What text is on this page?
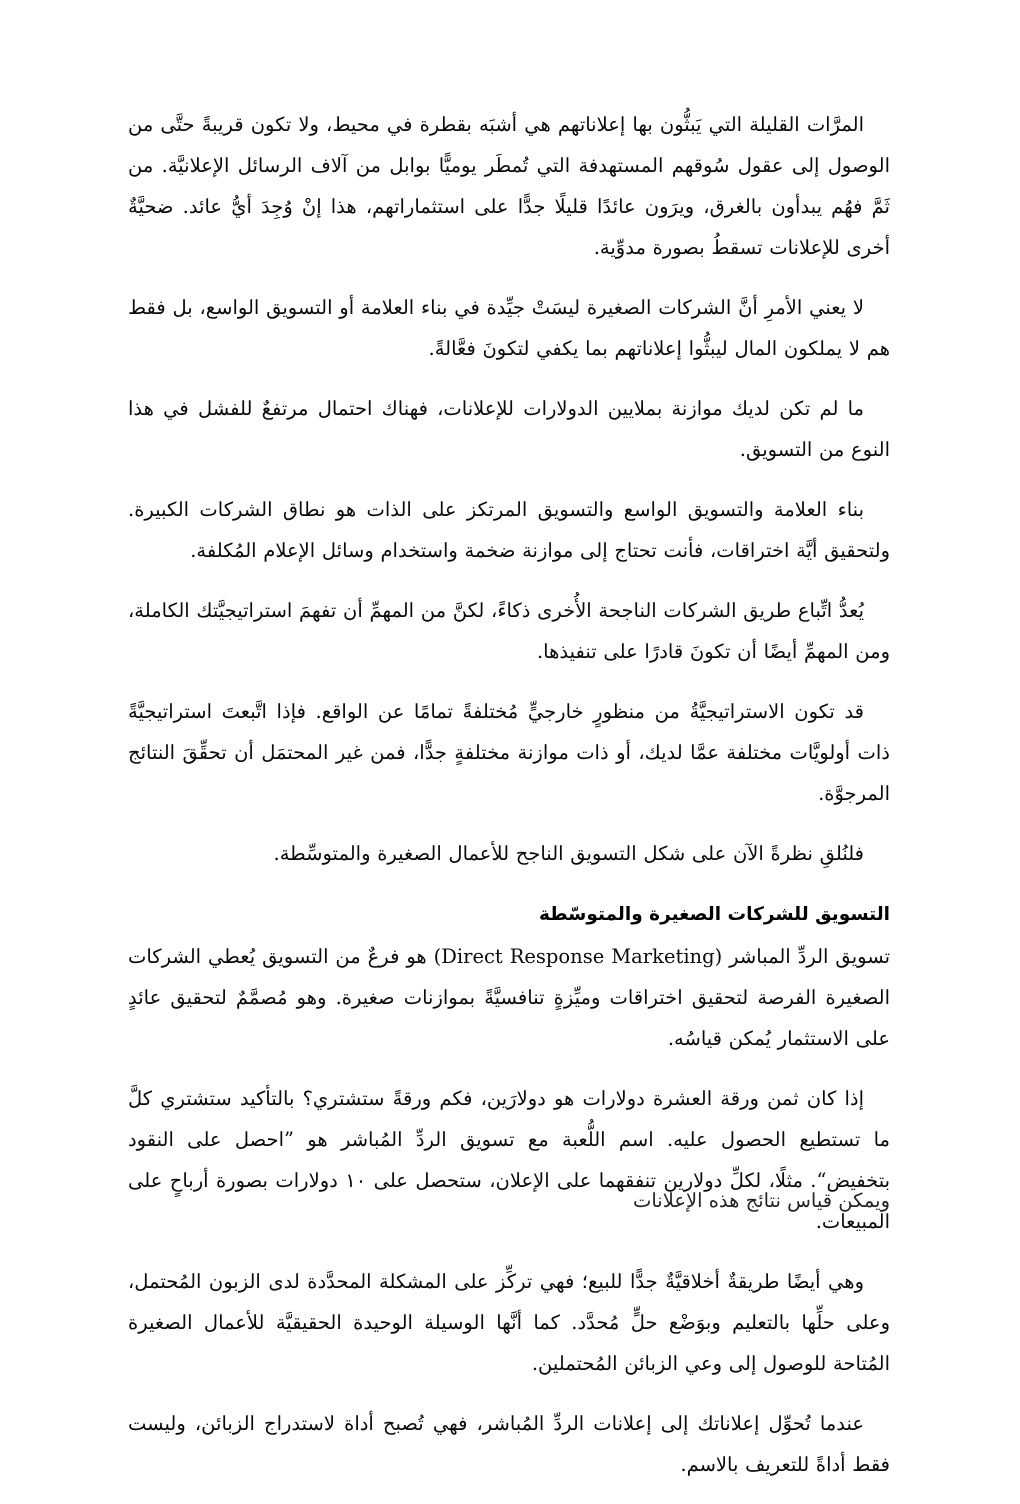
المرَّات القليلة التي يَبثُّون بها إعلاناتهم هي أشبَه بقطرة في محيط، ولا تكون قريبةً حتَّى من الوصول إلى عقول سُوقهم المستهدفة التي تُمطَر يوميًّا بوابل من آلاف الرسائل الإعلانيَّة. من ثَمَّ فهُم يبدأون بالغرق، ويرَون عائدًا قليلًا جدًّا على استثماراتهم، هذا إنْ وُجِدَ أيُّ عائد. ضحيَّةٌ أخرى للإعلانات تسقطُ بصورة مدوِّية.

لا يعني الأمرِ أنَّ الشركات الصغيرة ليسَتْ جيِّدة في بناء العلامة أو التسويق الواسع، بل فقط هم لا يملكون المال ليبثُّوا إعلاناتهم بما يكفي لتكونَ فعَّالةً.

ما لم تكن لديك موازنة بملايين الدولارات للإعلانات، فهناك احتمال مرتفعٌ للفشل في هذا النوع من التسويق.

بناء العلامة والتسويق الواسع والتسويق المرتكز على الذات هو نطاق الشركات الكبيرة. ولتحقيق أيَّة اختراقات، فأنت تحتاج إلى موازنة ضخمة واستخدام وسائل الإعلام المُكلفة.

يُعدُّ اتِّباع طريق الشركات الناجحة الأُخرى ذكاءً، لكنَّ من المهمِّ أن تفهمَ استراتيجيَّتك الكاملة، ومن المهمِّ أيضًا أن تكونَ قادرًا على تنفيذها.

قد تكون الاستراتيجيَّةُ من منظورٍ خارجيٍّ مُختلفةً تمامًا عن الواقع. فإذا اتَّبعتَ استراتيجيَّةً ذات أولويَّات مختلفة عمَّا لديك، أو ذات موازنة مختلفةٍ جدًّا، فمن غير المحتمَل أن تحقِّقَ النتائج المرجوَّة.

فلنُلقِ نظرةً الآن على شكل التسويق الناجح للأعمال الصغيرة والمتوسِّطة.

التسويق للشركات الصغيرة والمتوسّطة

تسويق الردِّ المباشر (Direct Response Marketing) هو فرعٌ من التسويق يُعطي الشركات الصغيرة الفرصة لتحقيق اختراقات وميِّزةٍ تنافسيَّةً بموازنات صغيرة. وهو مُصمَّمٌ لتحقيق عائدٍ على الاستثمار يُمكن قياسُه.

إذا كان ثمن ورقة العشرة دولارات هو دولارَين، فكم ورقةً ستشتري؟ بالتأكيد ستشتري كلَّ ما تستطيع الحصول عليه. اسم اللُّعبة مع تسويق الردِّ المُباشر هو ”احصل على النقود بتخفيض“. مثلًا، لكلِّ دولارين تنفقهما على الإعلان، ستحصل على ١٠ دولارات بصورة أرباحٍ على المبيعات.

وهي أيضًا طريقةٌ أخلاقيَّةٌ جدًّا للبيع؛ فهي تركِّز على المشكلة المحدَّدة لدى الزبون المُحتمل، وعلى حلِّها بالتعليم وبوَضْع حلٍّ مُحدَّد. كما أنَّها الوسيلة الوحيدة الحقيقيَّة للأعمال الصغيرة المُتاحة للوصول إلى وعي الزبائن المُحتملين.

عندما تُحوِّل إعلاناتك إلى إعلانات الردِّ المُباشر، فهي تُصبح أداة لاستدراج الزبائن، وليست فقط أداةً للتعريف بالاسم.

ويمكن قياس نتائج هذه الإعلانات
